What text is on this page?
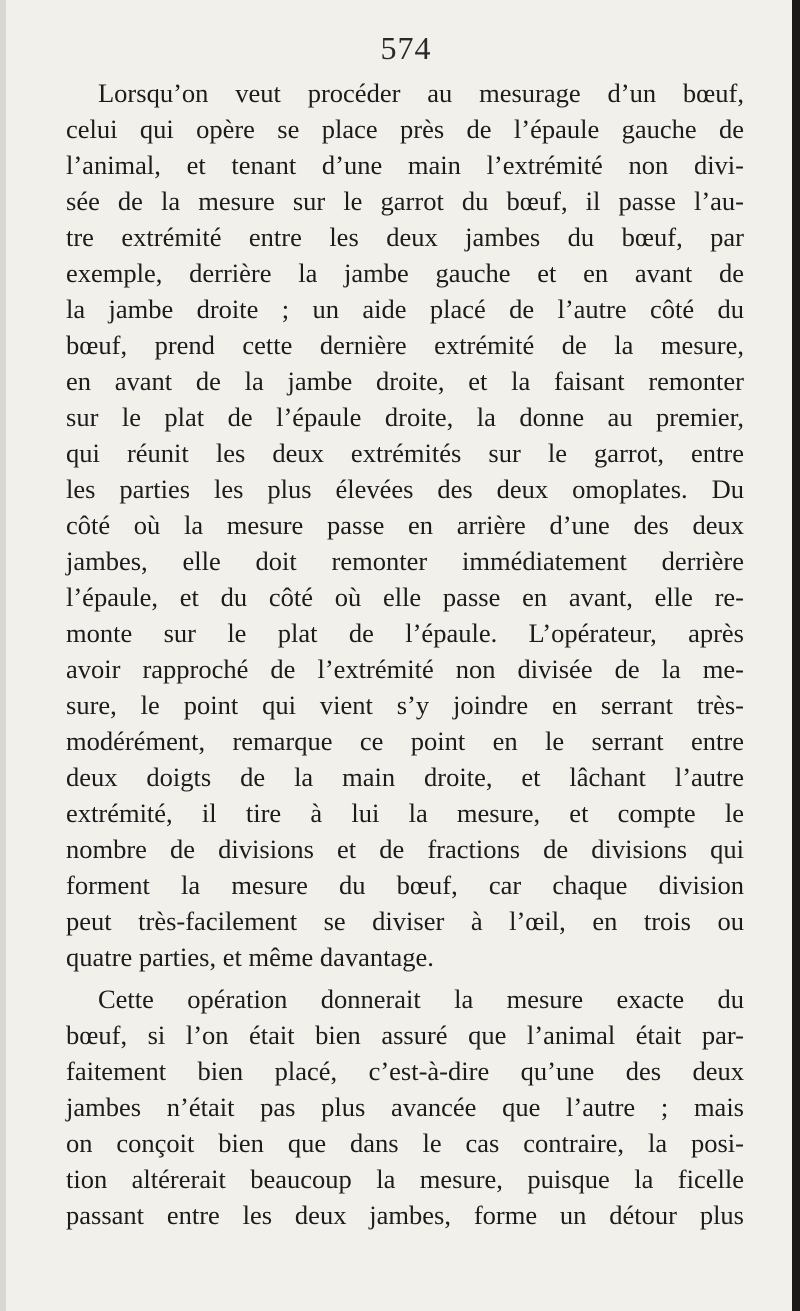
574
Lorsqu’on veut procéder au mesurage d’un bœuf,
celui qui opère se place près de l’épaule gauche de
l’animal, et tenant d’une main l’extrémité non divi-
sée de la mesure sur le garrot du bœuf, il passe l’au-
tre extrémité entre les deux jambes du bœuf, par
exemple, derrière la jambe gauche et en avant de
la jambe droite ; un aide placé de l’autre côté du
bœuf, prend cette dernière extrémité de la mesure,
en avant de la jambe droite, et la faisant remonter
sur le plat de l’épaule droite, la donne au premier,
qui réunit les deux extrémités sur le garrot, entre
les parties les plus élevées des deux omoplates. Du
côté où la mesure passe en arrière d’une des deux
jambes, elle doit remonter immédiatement derrière
l’épaule, et du côté où elle passe en avant, elle re-
monte sur le plat de l’épaule. L’opérateur, après
avoir rapproché de l’extrémité non divisée de la me-
sure, le point qui vient s’y joindre en serrant très-
modérément, remarque ce point en le serrant entre
deux doigts de la main droite, et lâchant l’autre
extrémité, il tire à lui la mesure, et compte le
nombre de divisions et de fractions de divisions qui
forment la mesure du bœuf, car chaque division
peut très-facilement se diviser à l’œil, en trois ou
quatre parties, et même davantage.
Cette opération donnerait la mesure exacte du
bœuf, si l’on était bien assuré que l’animal était par-
faitement bien placé, c’est-à-dire qu’une des deux
jambes n’était pas plus avancée que l’autre ; mais
on conçoit bien que dans le cas contraire, la posi-
tion altérerait beaucoup la mesure, puisque la ficelle
passant entre les deux jambes, forme un détour plus
